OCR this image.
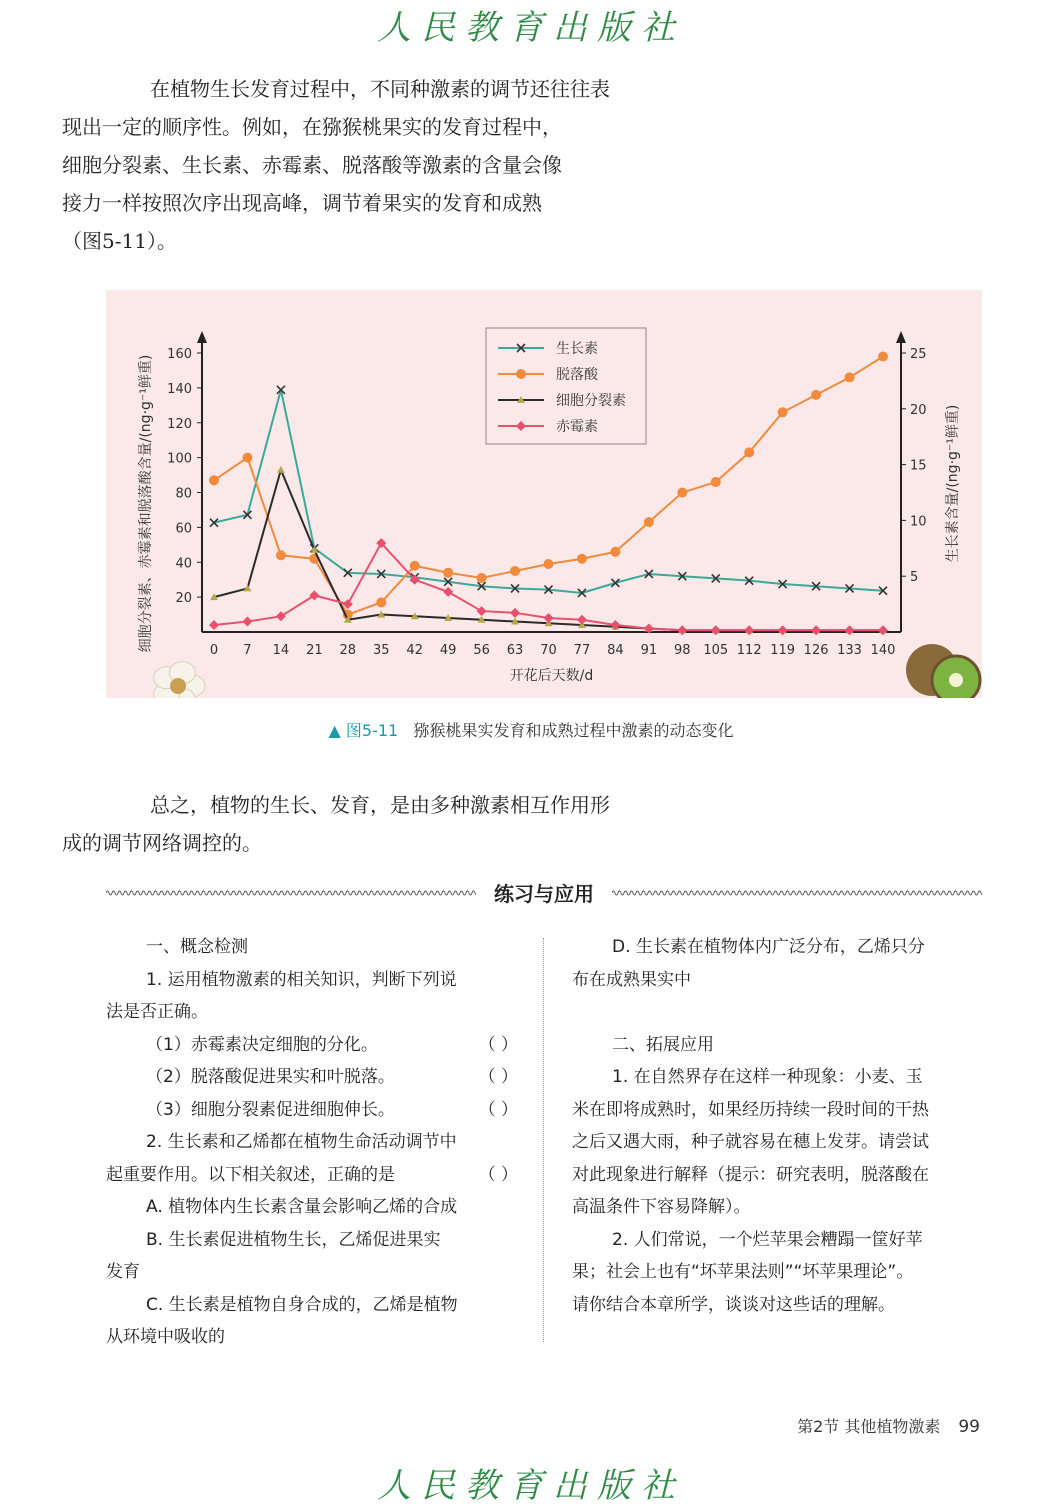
人民教育出版社
在植物生长发育过程中，不同种激素的调节还往往表
现出一定的顺序性。例如，在猕猴桃果实的发育过程中，
细胞分裂素、生长素、赤霉素、脱落酸等激素的含量会像
接力一样按照次序出现高峰，调节着果实的发育和成熟
（图5-11）。
20
40
60
80
100
120
140
160
5
10
15
20
25
0 7 14 21 28 35 42 49 56 63 70 77 84 91 98 105 112 119 126 133 140
开花后天数/d
细胞分裂素、赤霉素和脱落酸含量/(ng·g⁻¹鲜重)	生长素含量/(ng·g⁻¹鲜重)
生长素
脱落酸
细胞分裂素
赤霉素
▲ 图5-11 猕猴桃果实发育和成熟过程中激素的动态变化
总之，植物的生长、发育，是由多种激素相互作用形
成的调节网络调控的。
练习与应用
一、概念检测
1. 运用植物激素的相关知识，判断下列说
法是否正确。
（1）赤霉素决定细胞的分化。	（ ）
（2）脱落酸促进果实和叶脱落。	（ ）
（3）细胞分裂素促进细胞伸长。	（ ）
2. 生长素和乙烯都在植物生命活动调节中
起重要作用。以下相关叙述，正确的是	（ ）
A. 植物体内生长素含量会影响乙烯的合成
B. 生长素促进植物生长，乙烯促进果实
发育
C. 生长素是植物自身合成的，乙烯是植物
从环境中吸收的
D. 生长素在植物体内广泛分布，乙烯只分
布在成熟果实中

二、拓展应用
1. 在自然界存在这样一种现象：小麦、玉
米在即将成熟时，如果经历持续一段时间的干热
之后又遇大雨，种子就容易在穗上发芽。请尝试
对此现象进行解释（提示：研究表明，脱落酸在
高温条件下容易降解）。
2. 人们常说，一个烂苹果会糟蹋一筐好苹
果；社会上也有“坏苹果法则”“坏苹果理论”。
请你结合本章所学，谈谈对这些话的理解。
第2节 其他植物激素 99
人民教育出版社
